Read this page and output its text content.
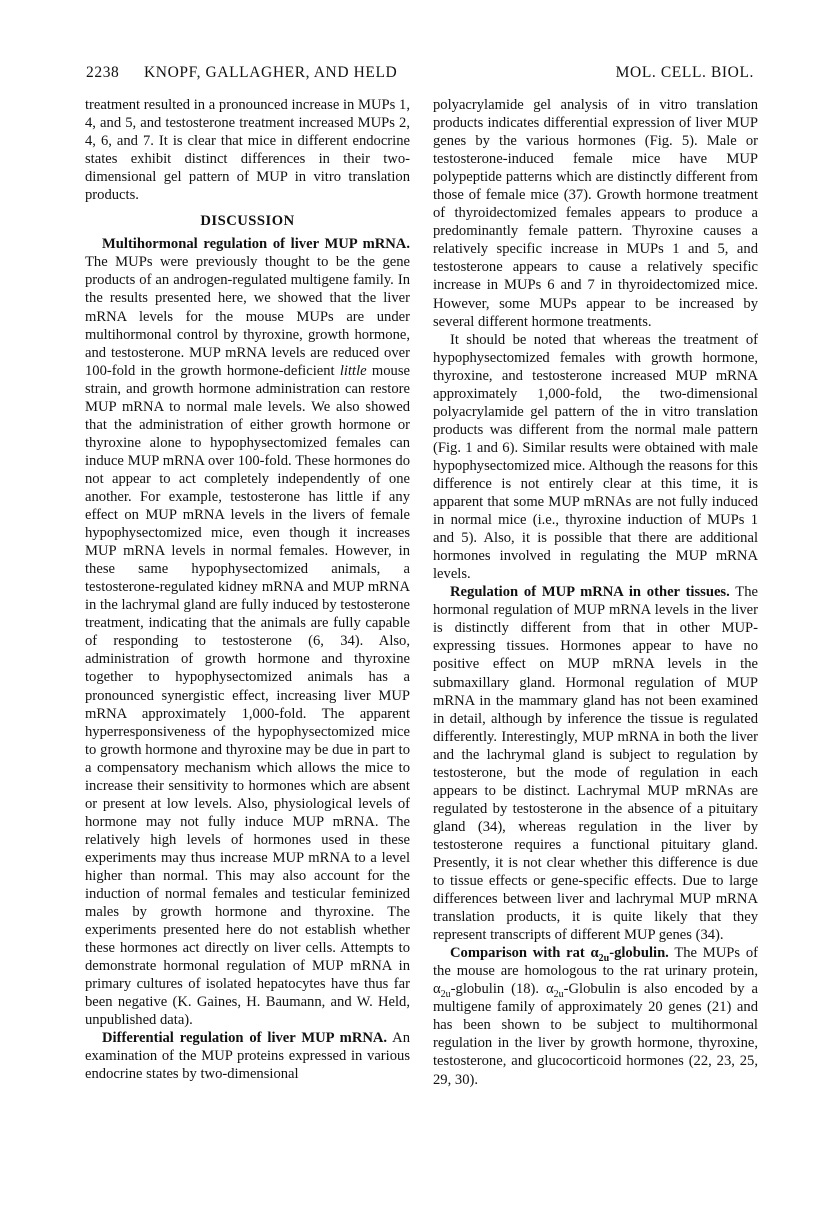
2238 KNOPF, GALLAGHER, AND HELD	MOL. CELL. BIOL.

treatment resulted in a pronounced increase in MUPs 1, 4, and 5, and testosterone treatment increased MUPs 2, 4, 6, and 7. It is clear that mice in different endocrine states exhibit distinct differences in their two-dimensional gel pattern of MUP in vitro translation products.

DISCUSSION

Multihormonal regulation of liver MUP mRNA. The MUPs were previously thought to be the gene products of an androgen-regulated multigene family. In the results presented here, we showed that the liver mRNA levels for the mouse MUPs are under multihormonal control by thyroxine, growth hormone, and testosterone. MUP mRNA levels are reduced over 100-fold in the growth hormone-deficient little mouse strain, and growth hormone administration can restore MUP mRNA to normal male levels. We also showed that the administration of either growth hormone or thyroxine alone to hypophysectomized females can induce MUP mRNA over 100-fold. These hormones do not appear to act completely independently of one another. For example, testosterone has little if any effect on MUP mRNA levels in the livers of female hypophysectomized mice, even though it increases MUP mRNA levels in normal females. However, in these same hypophysectomized animals, a testosterone-regulated kidney mRNA and MUP mRNA in the lachrymal gland are fully induced by testosterone treatment, indicating that the animals are fully capable of responding to testosterone (6, 34). Also, administration of growth hormone and thyroxine together to hypophysectomized animals has a pronounced synergistic effect, increasing liver MUP mRNA approximately 1,000-fold. The apparent hyperresponsiveness of the hypophysectomized mice to growth hormone and thyroxine may be due in part to a compensatory mechanism which allows the mice to increase their sensitivity to hormones which are absent or present at low levels. Also, physiological levels of hormone may not fully induce MUP mRNA. The relatively high levels of hormones used in these experiments may thus increase MUP mRNA to a level higher than normal. This may also account for the induction of normal females and testicular feminized males by growth hormone and thyroxine. The experiments presented here do not establish whether these hormones act directly on liver cells. Attempts to demonstrate hormonal regulation of MUP mRNA in primary cultures of isolated hepatocytes have thus far been negative (K. Gaines, H. Baumann, and W. Held, unpublished data).

Differential regulation of liver MUP mRNA. An examination of the MUP proteins expressed in various endocrine states by two-dimensional

polyacrylamide gel analysis of in vitro translation products indicates differential expression of liver MUP genes by the various hormones (Fig. 5). Male or testosterone-induced female mice have MUP polypeptide patterns which are distinctly different from those of female mice (37). Growth hormone treatment of thyroidectomized females appears to produce a predominantly female pattern. Thyroxine causes a relatively specific increase in MUPs 1 and 5, and testosterone appears to cause a relatively specific increase in MUPs 6 and 7 in thyroidectomized mice. However, some MUPs appear to be increased by several different hormone treatments.

It should be noted that whereas the treatment of hypophysectomized females with growth hormone, thyroxine, and testosterone increased MUP mRNA approximately 1,000-fold, the two-dimensional polyacrylamide gel pattern of the in vitro translation products was different from the normal male pattern (Fig. 1 and 6). Similar results were obtained with male hypophysectomized mice. Although the reasons for this difference is not entirely clear at this time, it is apparent that some MUP mRNAs are not fully induced in normal mice (i.e., thyroxine induction of MUPs 1 and 5). Also, it is possible that there are additional hormones involved in regulating the MUP mRNA levels.

Regulation of MUP mRNA in other tissues. The hormonal regulation of MUP mRNA levels in the liver is distinctly different from that in other MUP-expressing tissues. Hormones appear to have no positive effect on MUP mRNA levels in the submaxillary gland. Hormonal regulation of MUP mRNA in the mammary gland has not been examined in detail, although by inference the tissue is regulated differently. Interestingly, MUP mRNA in both the liver and the lachrymal gland is subject to regulation by testosterone, but the mode of regulation in each appears to be distinct. Lachrymal MUP mRNAs are regulated by testosterone in the absence of a pituitary gland (34), whereas regulation in the liver by testosterone requires a functional pituitary gland. Presently, it is not clear whether this difference is due to tissue effects or gene-specific effects. Due to large differences between liver and lachrymal MUP mRNA translation products, it is quite likely that they represent transcripts of different MUP genes (34).

Comparison with rat $\alpha_{2u}$-globulin. The MUPs of the mouse are homologous to the rat urinary protein, $\alpha_{2u}$-globulin (18). $\alpha_{2u}$-Globulin is also encoded by a multigene family of approximately 20 genes (21) and has been shown to be subject to multihormonal regulation in the liver by growth hormone, thyroxine, testosterone, and glucocorticoid hormones (22, 23, 25, 29, 30).
